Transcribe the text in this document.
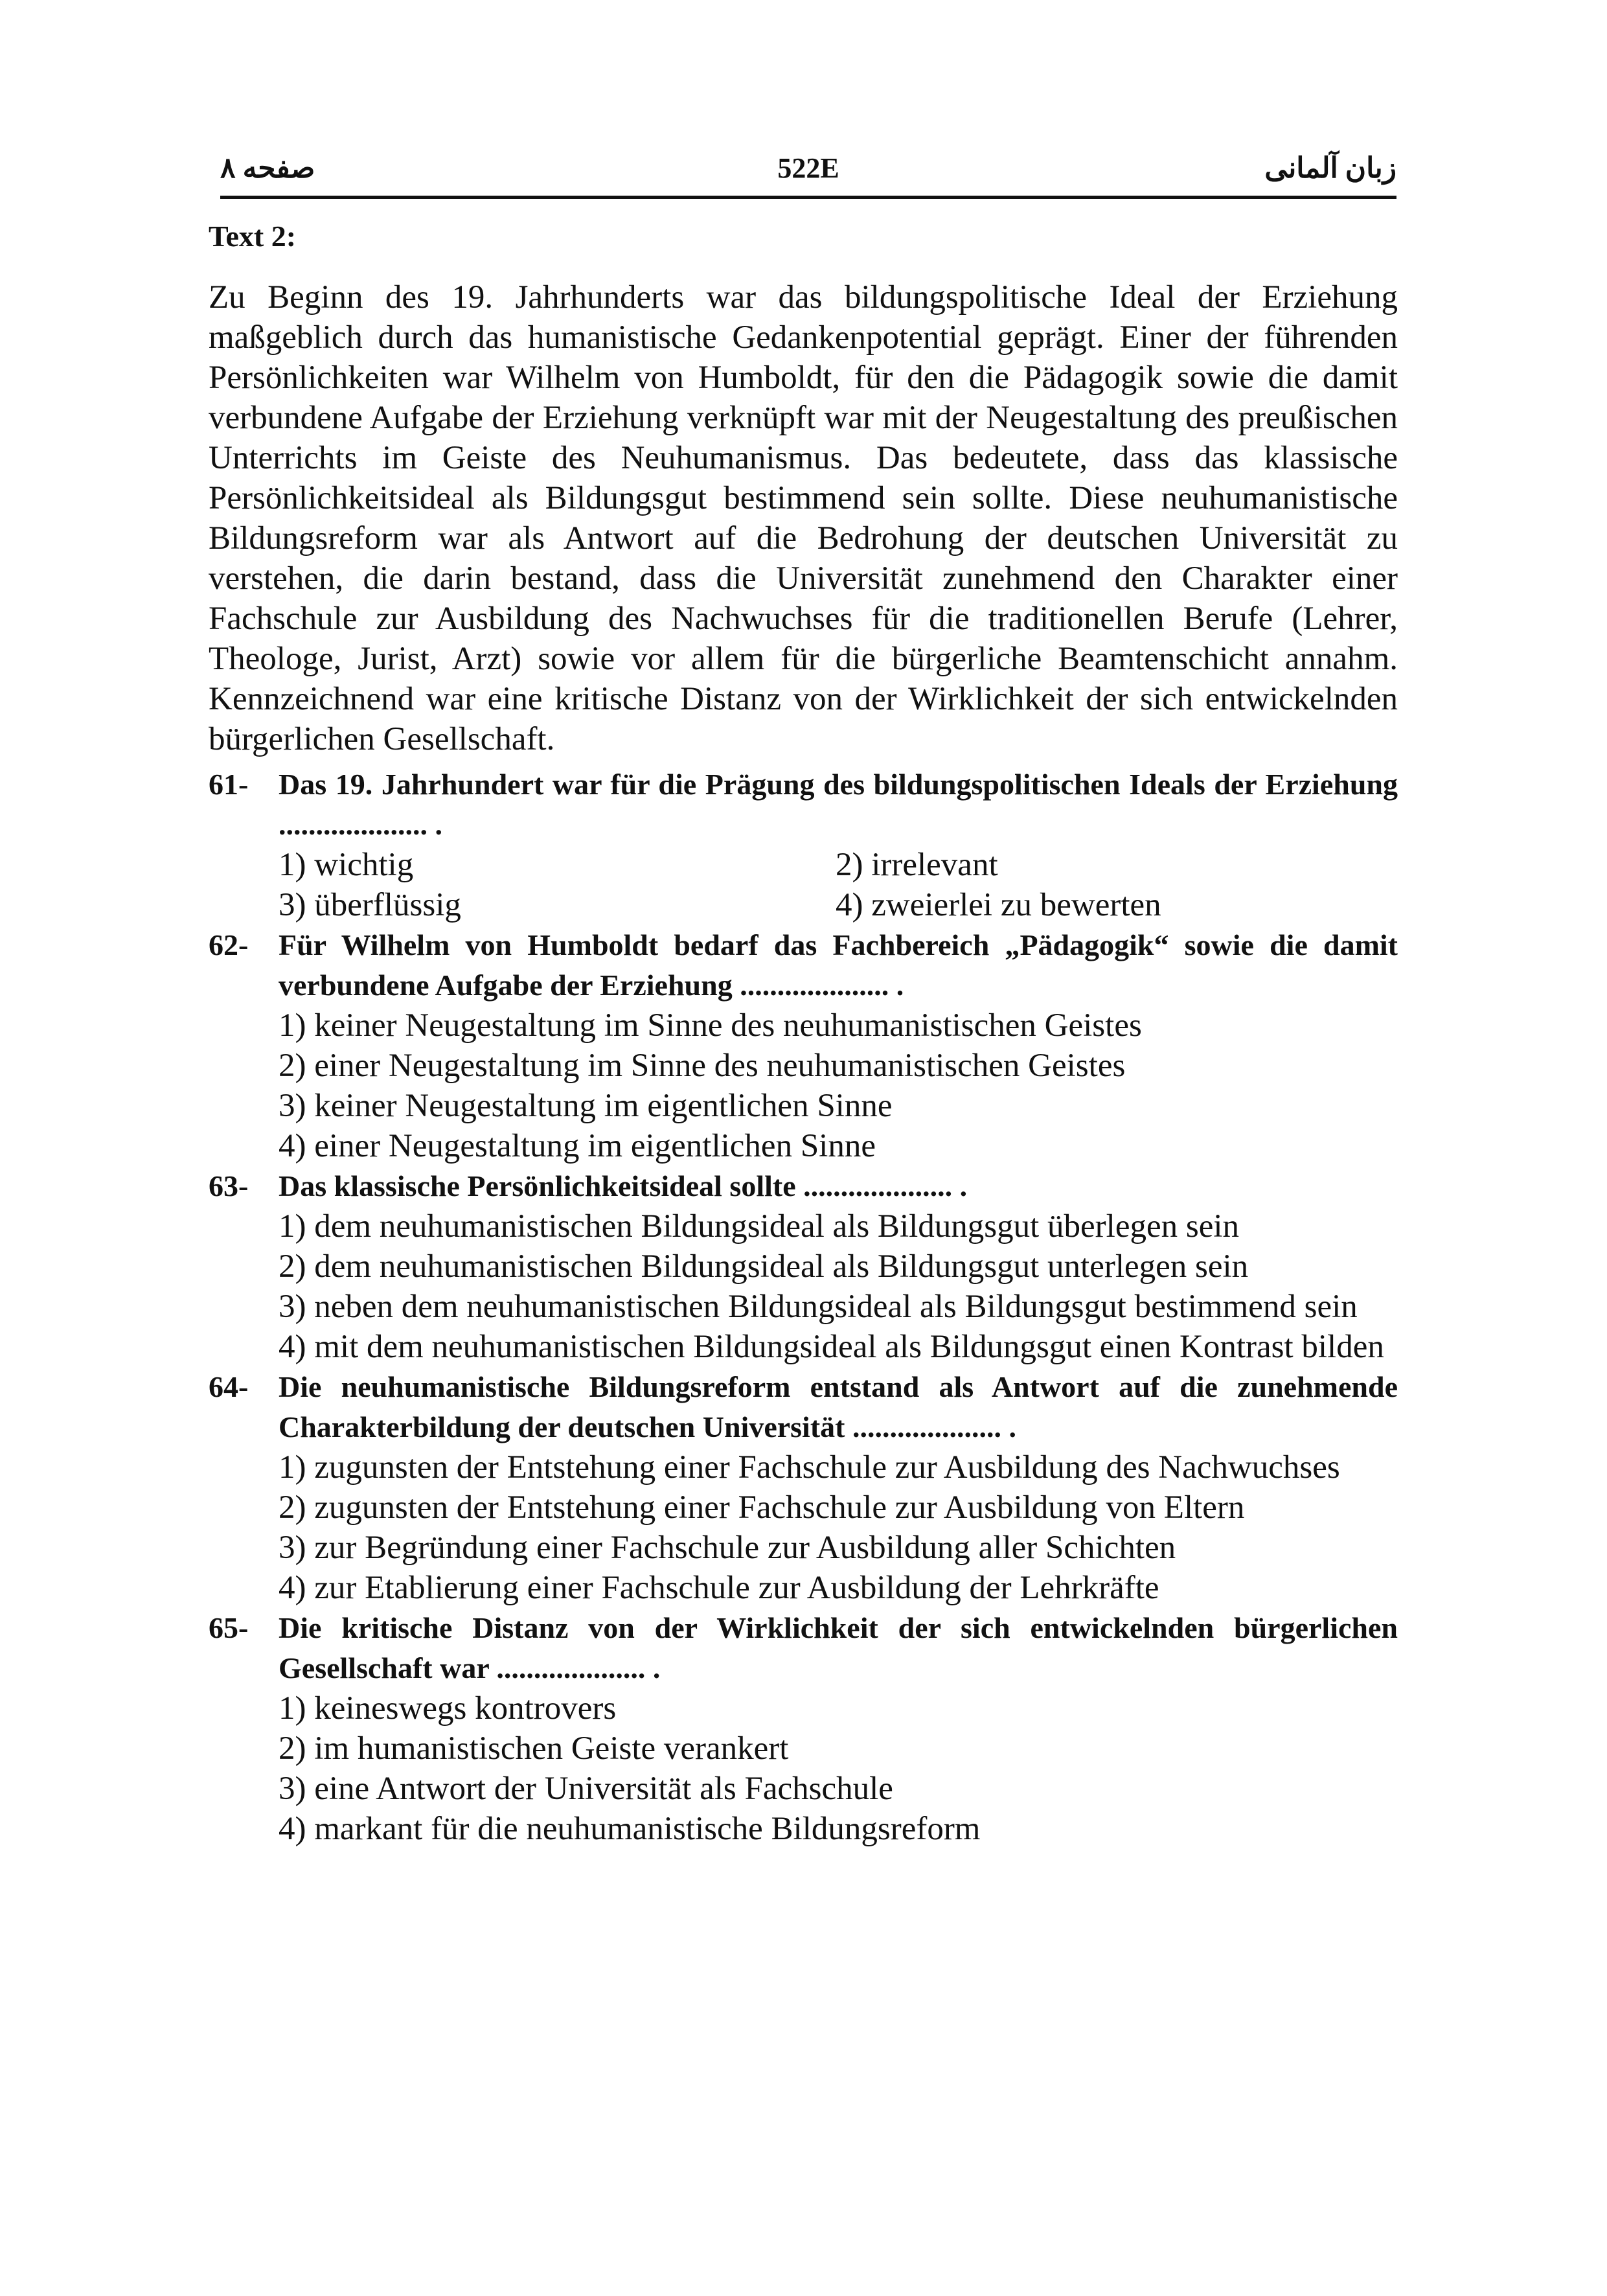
صفحه ۸	522E	زبان آلمانی
Text 2:

Zu Beginn des 19. Jahrhunderts war das bildungspolitische Ideal der Erziehung maßgeblich durch das humanistische Gedankenpotential geprägt. Einer der führenden Persönlichkeiten war Wilhelm von Humboldt, für den die Pädagogik sowie die damit verbundene Aufgabe der Erziehung verknüpft war mit der Neugestaltung des preußischen Unterrichts im Geiste des Neuhumanismus. Das bedeutete, dass das klassische Persönlichkeitsideal als Bildungsgut bestimmend sein sollte. Diese neuhumanistische Bildungsreform war als Antwort auf die Bedrohung der deutschen Universität zu verstehen, die darin bestand, dass die Universität zunehmend den Charakter einer Fachschule zur Ausbildung des Nachwuchses für die traditionellen Berufe (Lehrer, Theologe, Jurist, Arzt) sowie vor allem für die bürgerliche Beamtenschicht annahm. Kennzeichnend war eine kritische Distanz von der Wirklichkeit der sich entwickelnden bürgerlichen Gesellschaft.

61- Das 19. Jahrhundert war für die Prägung des bildungspolitischen Ideals der Erziehung .................... .
1) wichtig	2) irrelevant
3) überflüssig	4) zweierlei zu bewerten
62- Für Wilhelm von Humboldt bedarf das Fachbereich „Pädagogik“ sowie die damit verbundene Aufgabe der Erziehung .................... .
1) keiner Neugestaltung im Sinne des neuhumanistischen Geistes
2) einer Neugestaltung im Sinne des neuhumanistischen Geistes
3) keiner Neugestaltung im eigentlichen Sinne
4) einer Neugestaltung im eigentlichen Sinne
63- Das klassische Persönlichkeitsideal sollte .................... .
1) dem neuhumanistischen Bildungsideal als Bildungsgut überlegen sein
2) dem neuhumanistischen Bildungsideal als Bildungsgut unterlegen sein
3) neben dem neuhumanistischen Bildungsideal als Bildungsgut bestimmend sein
4) mit dem neuhumanistischen Bildungsideal als Bildungsgut einen Kontrast bilden
64- Die neuhumanistische Bildungsreform entstand als Antwort auf die zunehmende Charakterbildung der deutschen Universität .................... .
1) zugunsten der Entstehung einer Fachschule zur Ausbildung des Nachwuchses
2) zugunsten der Entstehung einer Fachschule zur Ausbildung von Eltern
3) zur Begründung einer Fachschule zur Ausbildung aller Schichten
4) zur Etablierung einer Fachschule zur Ausbildung der Lehrkräfte
65- Die kritische Distanz von der Wirklichkeit der sich entwickelnden bürgerlichen Gesellschaft war .................... .
1) keineswegs kontrovers
2) im humanistischen Geiste verankert
3) eine Antwort der Universität als Fachschule
4) markant für die neuhumanistische Bildungsreform
